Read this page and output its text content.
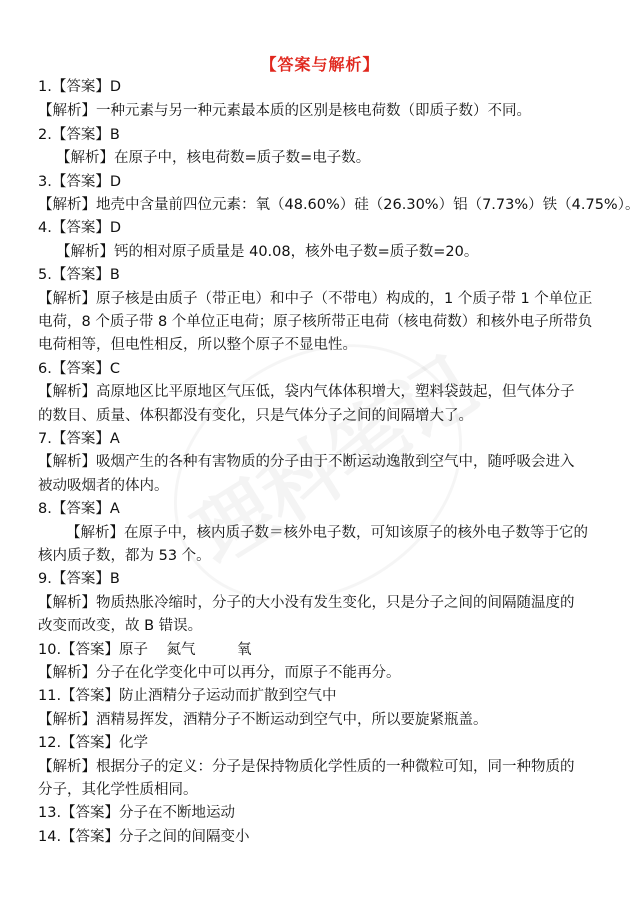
【答案与解析】
1.【答案】D
【解析】一种元素与另一种元素最本质的区别是核电荷数（即质子数）不同。
2.【答案】B
【解析】在原子中，核电荷数=质子数=电子数。
3.【答案】D
【解析】地壳中含量前四位元素：氧（48.60%）硅（26.30%）铝（7.73%）铁（4.75%）。
4.【答案】D
【解析】钙的相对原子质量是 40.08，核外电子数=质子数=20。
5.【答案】B
【解析】原子核是由质子（带正电）和中子（不带电）构成的，1 个质子带 1 个单位正
电荷，8 个质子带 8 个单位正电荷；原子核所带正电荷（核电荷数）和核外电子所带负
电荷相等，但电性相反，所以整个原子不显电性。
6.【答案】C
【解析】高原地区比平原地区气压低，袋内气体体积增大，塑料袋鼓起，但气体分子
的数目、质量、体积都没有变化，只是气体分子之间的间隔增大了。
7.【答案】A
【解析】吸烟产生的各种有害物质的分子由于不断运动逸散到空气中，随呼吸会进入
被动吸烟者的体内。
8.【答案】A
【解析】在原子中，核内质子数＝核外电子数，可知该原子的核外电子数等于它的
核内质子数，都为 53 个。
9.【答案】B
【解析】物质热胀冷缩时，分子的大小没有发生变化，只是分子之间的间隔随温度的
改变而改变，故 B 错误。
10.【答案】原子    氮气         氧
【解析】分子在化学变化中可以再分，而原子不能再分。
11.【答案】防止酒精分子运动而扩散到空气中
【解析】酒精易挥发，酒精分子不断运动到空气中，所以要旋紧瓶盖。
12.【答案】化学
【解析】根据分子的定义：分子是保持物质化学性质的一种微粒可知，同一种物质的
分子，其化学性质相同。
13.【答案】分子在不断地运动
14.【答案】分子之间的间隔变小
